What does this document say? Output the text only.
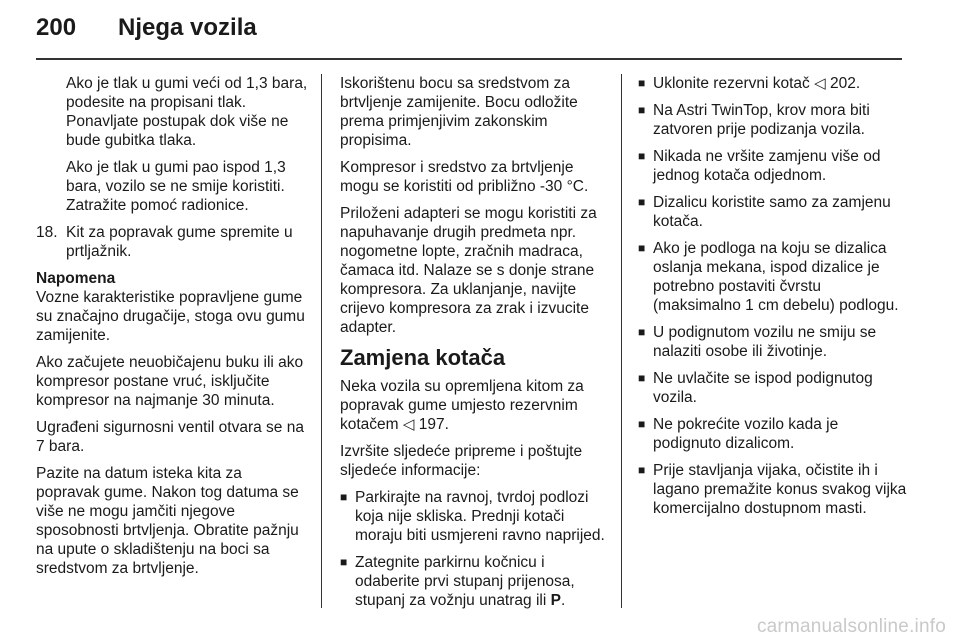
200 Njega vozila

Ako je tlak u gumi veći od 1,3 bara, podesite na propisani tlak. Ponavljate postupak dok više ne bude gubitka tlaka.

Ako je tlak u gumi pao ispod 1,3 bara, vozilo se ne smije koristiti. Zatražite pomoć radionice.

18. Kit za popravak gume spremite u prtljažnik.

Napomena

Vozne karakteristike popravljene gume su značajno drugačije, stoga ovu gumu zamijenite.

Ako začujete neuobičajenu buku ili ako kompresor postane vruć, isključite kompresor na najmanje 30 minuta.

Ugrađeni sigurnosni ventil otvara se na 7 bara.

Pazite na datum isteka kita za popravak gume. Nakon tog datuma se više ne mogu jamčiti njegove sposobnosti brtvljenja. Obratite pažnju na upute o skladištenju na boci sa sredstvom za brtvljenje.

Iskorištenu bocu sa sredstvom za brtvljenje zamijenite. Bocu odložite prema primjenjivim zakonskim propisima.

Kompresor i sredstvo za brtvljenje mogu se koristiti od približno -30 °C.

Priloženi adapteri se mogu koristiti za napuhavanje drugih predmeta npr. nogometne lopte, zračnih madraca, čamaca itd. Nalaze se s donje strane kompresora. Za uklanjanje, navijte crijevo kompresora za zrak i izvucite adapter.

Zamjena kotača

Neka vozila su opremljena kitom za popravak gume umjesto rezervnim kotačem ◁ 197.

Izvršite sljedeće pripreme i poštujte sljedeće informacije:

■ Parkirajte na ravnoj, tvrdoj podlozi koja nije skliska. Prednji kotači moraju biti usmjereni ravno naprijed.
■ Zategnite parkirnu kočnicu i odaberite prvi stupanj prijenosa, stupanj za vožnju unatrag ili P.
■ Uklonite rezervni kotač ◁ 202.
■ Na Astri TwinTop, krov mora biti zatvoren prije podizanja vozila.
■ Nikada ne vršite zamjenu više od jednog kotača odjednom.
■ Dizalicu koristite samo za zamjenu kotača.
■ Ako je podloga na koju se dizalica oslanja mekana, ispod dizalice je potrebno postaviti čvrstu (maksimalno 1 cm debelu) podlogu.
■ U podignutom vozilu ne smiju se nalaziti osobe ili životinje.
■ Ne uvlačite se ispod podignutog vozila.
■ Ne pokrećite vozilo kada je podignuto dizalicom.
■ Prije stavljanja vijaka, očistite ih i lagano premažite konus svakog vijka komercijalno dostupnom masti.
carmanualsonline.info
